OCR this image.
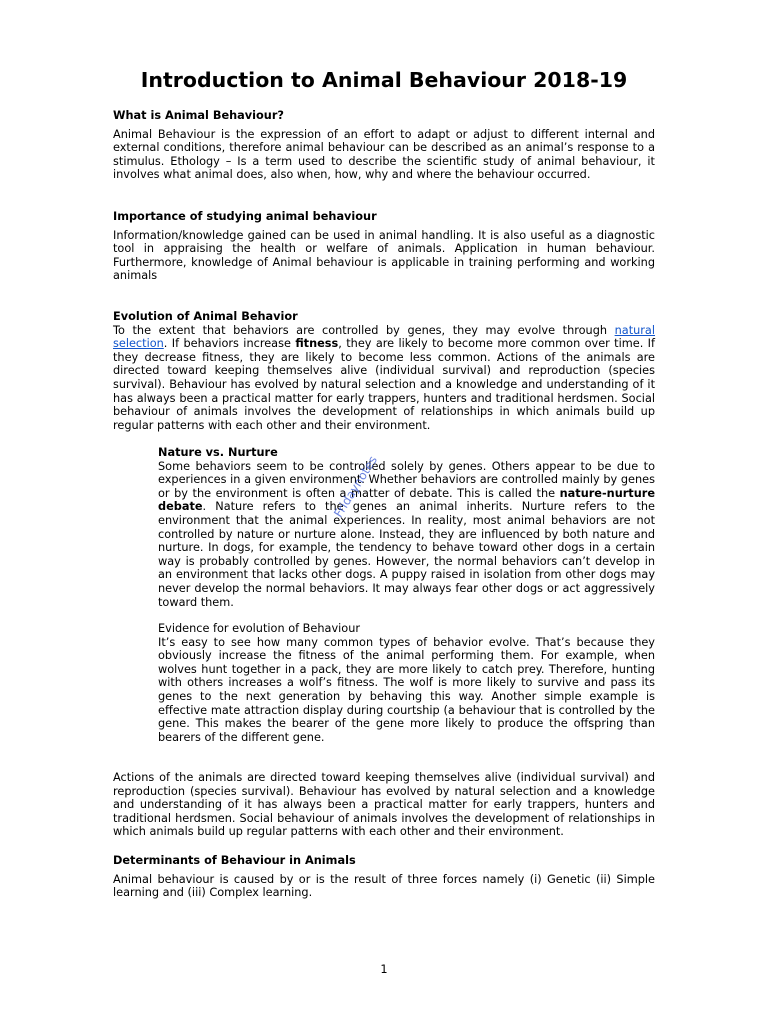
Introduction to Animal Behaviour 2018-19

What is Animal Behaviour?

Animal Behaviour is the expression of an effort to adapt or adjust to different internal and external conditions, therefore animal behaviour can be described as an animal’s response to a stimulus. Ethology – Is a term used to describe the scientific study of animal behaviour, it involves what animal does, also when, how, why and where the behaviour occurred.

Importance of studying animal behaviour

Information/knowledge gained can be used in animal handling. It is also useful as a diagnostic tool in appraising the health or welfare of animals. Application in human behaviour. Furthermore, knowledge of Animal behaviour is applicable in training performing and working animals

Evolution of Animal Behavior

To the extent that behaviors are controlled by genes, they may evolve through natural selection. If behaviors increase fitness, they are likely to become more common over time. If they decrease fitness, they are likely to become less common. Actions of the animals are directed toward keeping themselves alive (individual survival) and reproduction (species survival). Behaviour has evolved by natural selection and a knowledge and understanding of it has always been a practical matter for early trappers, hunters and traditional herdsmen. Social behaviour of animals involves the development of relationships in which animals build up regular patterns with each other and their environment.

Nature vs. Nurture

Some behaviors seem to be controlled solely by genes. Others appear to be due to experiences in a given environment. Whether behaviors are controlled mainly by genes or by the environment is often a matter of debate. This is called the nature-nurture debate. Nature refers to the genes an animal inherits. Nurture refers to the environment that the animal experiences. In reality, most animal behaviors are not controlled by nature or nurture alone. Instead, they are influenced by both nature and nurture. In dogs, for example, the tendency to behave toward other dogs in a certain way is probably controlled by genes. However, the normal behaviors can’t develop in an environment that lacks other dogs. A puppy raised in isolation from other dogs may never develop the normal behaviors. It may always fear other dogs or act aggressively toward them.

Evidence for evolution of Behaviour

It’s easy to see how many common types of behavior evolve. That’s because they obviously increase the fitness of the animal performing them. For example, when wolves hunt together in a pack, they are more likely to catch prey. Therefore, hunting with others increases a wolf’s fitness. The wolf is more likely to survive and pass its genes to the next generation by behaving this way. Another simple example is effective mate attraction display during courtship (a behaviour that is controlled by the gene. This makes the bearer of the gene more likely to produce the offspring than bearers of the different gene.

Actions of the animals are directed toward keeping themselves alive (individual survival) and reproduction (species survival). Behaviour has evolved by natural selection and a knowledge and understanding of it has always been a practical matter for early trappers, hunters and traditional herdsmen. Social behaviour of animals involves the development of relationships in which animals build up regular patterns with each other and their environment.

Determinants of Behaviour in Animals

Animal behaviour is caused by or is the result of three forces namely (i) Genetic (ii) Simple learning and (iii) Complex learning.

Fridaynotes
1
